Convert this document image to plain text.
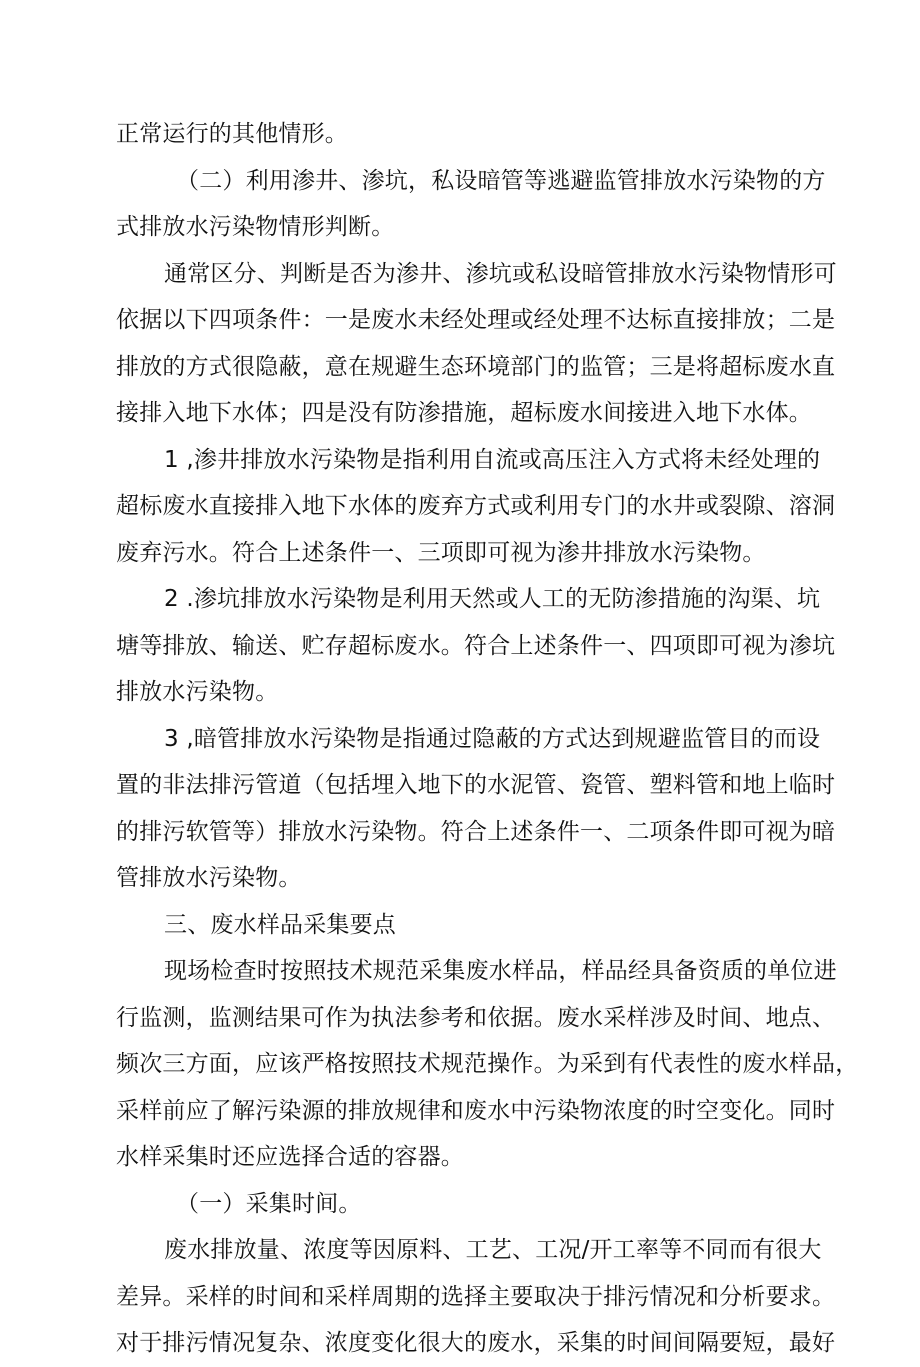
正常运行的其他情形。
（二）利用渗井、渗坑，私设暗管等逃避监管排放水污染物的方
式排放水污染物情形判断。
通常区分、判断是否为渗井、渗坑或私设暗管排放水污染物情形可
依据以下四项条件：一是废水未经处理或经处理不达标直接排放；二是
排放的方式很隐蔽，意在规避生态环境部门的监管；三是将超标废水直
接排入地下水体；四是没有防渗措施，超标废水间接进入地下水体。
1 ,渗井排放水污染物是指利用自流或高压注入方式将未经处理的
超标废水直接排入地下水体的废弃方式或利用专门的水井或裂隙、溶洞
废弃污水。符合上述条件一、三项即可视为渗井排放水污染物。
2 .渗坑排放水污染物是利用天然或人工的无防渗措施的沟渠、坑
塘等排放、输送、贮存超标废水。符合上述条件一、四项即可视为渗坑
排放水污染物。
3 ,暗管排放水污染物是指通过隐蔽的方式达到规避监管目的而设
置的非法排污管道（包括埋入地下的水泥管、瓷管、塑料管和地上临时
的排污软管等）排放水污染物。符合上述条件一、二项条件即可视为暗
管排放水污染物。
三、废水样品采集要点
现场检查时按照技术规范采集废水样品，样品经具备资质的单位进
行监测，监测结果可作为执法参考和依据。废水采样涉及时间、地点、
频次三方面，应该严格按照技术规范操作。为采到有代表性的废水样品，
采样前应了解污染源的排放规律和废水中污染物浓度的时空变化。同时
水样采集时还应选择合适的容器。
（一）采集时间。
废水排放量、浓度等因原料、工艺、工况/开工率等不同而有很大
差异。采样的时间和采样周期的选择主要取决于排污情况和分析要求。
对于排污情况复杂、浓度变化很大的废水，采集的时间间隔要短，最好
